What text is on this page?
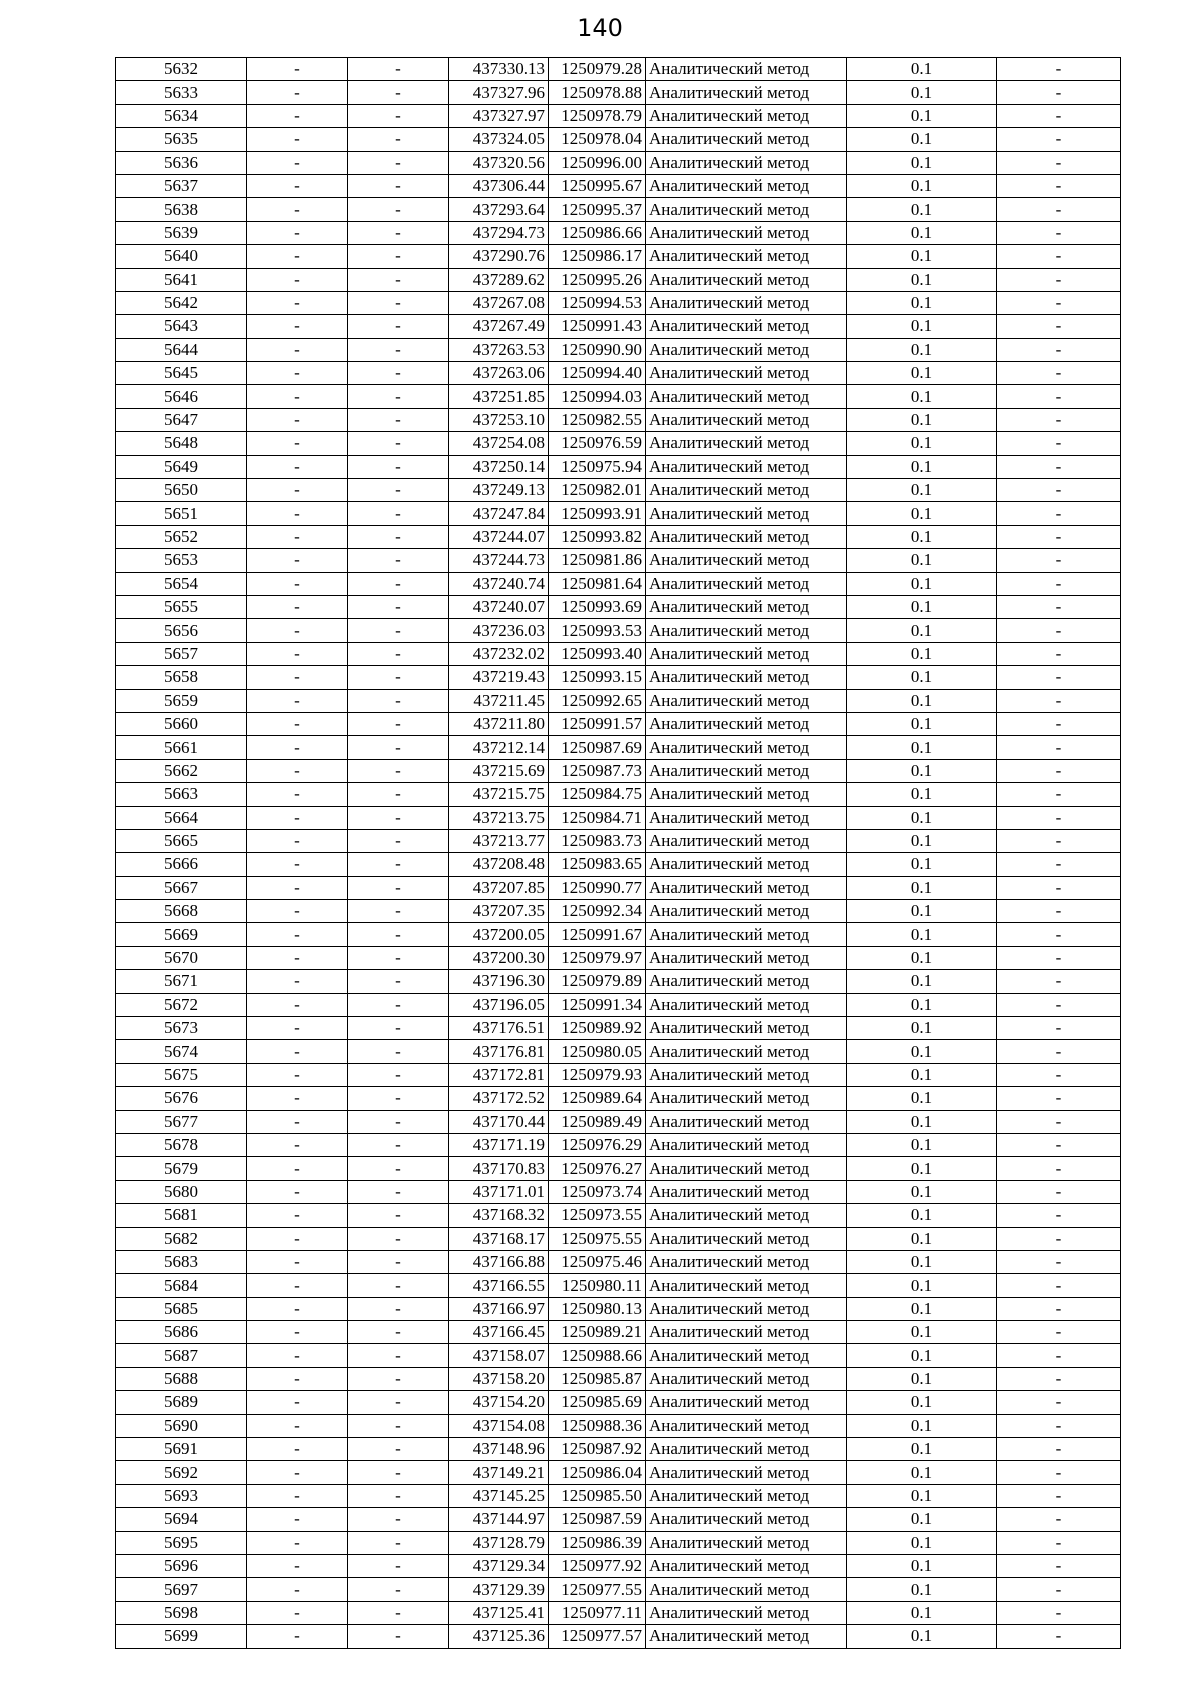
140
5632	-	-	437330.13	1250979.28	Аналитический метод	0.1	-
5633	-	-	437327.96	1250978.88	Аналитический метод	0.1	-
5634	-	-	437327.97	1250978.79	Аналитический метод	0.1	-
5635	-	-	437324.05	1250978.04	Аналитический метод	0.1	-
5636	-	-	437320.56	1250996.00	Аналитический метод	0.1	-
5637	-	-	437306.44	1250995.67	Аналитический метод	0.1	-
5638	-	-	437293.64	1250995.37	Аналитический метод	0.1	-
5639	-	-	437294.73	1250986.66	Аналитический метод	0.1	-
5640	-	-	437290.76	1250986.17	Аналитический метод	0.1	-
5641	-	-	437289.62	1250995.26	Аналитический метод	0.1	-
5642	-	-	437267.08	1250994.53	Аналитический метод	0.1	-
5643	-	-	437267.49	1250991.43	Аналитический метод	0.1	-
5644	-	-	437263.53	1250990.90	Аналитический метод	0.1	-
5645	-	-	437263.06	1250994.40	Аналитический метод	0.1	-
5646	-	-	437251.85	1250994.03	Аналитический метод	0.1	-
5647	-	-	437253.10	1250982.55	Аналитический метод	0.1	-
5648	-	-	437254.08	1250976.59	Аналитический метод	0.1	-
5649	-	-	437250.14	1250975.94	Аналитический метод	0.1	-
5650	-	-	437249.13	1250982.01	Аналитический метод	0.1	-
5651	-	-	437247.84	1250993.91	Аналитический метод	0.1	-
5652	-	-	437244.07	1250993.82	Аналитический метод	0.1	-
5653	-	-	437244.73	1250981.86	Аналитический метод	0.1	-
5654	-	-	437240.74	1250981.64	Аналитический метод	0.1	-
5655	-	-	437240.07	1250993.69	Аналитический метод	0.1	-
5656	-	-	437236.03	1250993.53	Аналитический метод	0.1	-
5657	-	-	437232.02	1250993.40	Аналитический метод	0.1	-
5658	-	-	437219.43	1250993.15	Аналитический метод	0.1	-
5659	-	-	437211.45	1250992.65	Аналитический метод	0.1	-
5660	-	-	437211.80	1250991.57	Аналитический метод	0.1	-
5661	-	-	437212.14	1250987.69	Аналитический метод	0.1	-
5662	-	-	437215.69	1250987.73	Аналитический метод	0.1	-
5663	-	-	437215.75	1250984.75	Аналитический метод	0.1	-
5664	-	-	437213.75	1250984.71	Аналитический метод	0.1	-
5665	-	-	437213.77	1250983.73	Аналитический метод	0.1	-
5666	-	-	437208.48	1250983.65	Аналитический метод	0.1	-
5667	-	-	437207.85	1250990.77	Аналитический метод	0.1	-
5668	-	-	437207.35	1250992.34	Аналитический метод	0.1	-
5669	-	-	437200.05	1250991.67	Аналитический метод	0.1	-
5670	-	-	437200.30	1250979.97	Аналитический метод	0.1	-
5671	-	-	437196.30	1250979.89	Аналитический метод	0.1	-
5672	-	-	437196.05	1250991.34	Аналитический метод	0.1	-
5673	-	-	437176.51	1250989.92	Аналитический метод	0.1	-
5674	-	-	437176.81	1250980.05	Аналитический метод	0.1	-
5675	-	-	437172.81	1250979.93	Аналитический метод	0.1	-
5676	-	-	437172.52	1250989.64	Аналитический метод	0.1	-
5677	-	-	437170.44	1250989.49	Аналитический метод	0.1	-
5678	-	-	437171.19	1250976.29	Аналитический метод	0.1	-
5679	-	-	437170.83	1250976.27	Аналитический метод	0.1	-
5680	-	-	437171.01	1250973.74	Аналитический метод	0.1	-
5681	-	-	437168.32	1250973.55	Аналитический метод	0.1	-
5682	-	-	437168.17	1250975.55	Аналитический метод	0.1	-
5683	-	-	437166.88	1250975.46	Аналитический метод	0.1	-
5684	-	-	437166.55	1250980.11	Аналитический метод	0.1	-
5685	-	-	437166.97	1250980.13	Аналитический метод	0.1	-
5686	-	-	437166.45	1250989.21	Аналитический метод	0.1	-
5687	-	-	437158.07	1250988.66	Аналитический метод	0.1	-
5688	-	-	437158.20	1250985.87	Аналитический метод	0.1	-
5689	-	-	437154.20	1250985.69	Аналитический метод	0.1	-
5690	-	-	437154.08	1250988.36	Аналитический метод	0.1	-
5691	-	-	437148.96	1250987.92	Аналитический метод	0.1	-
5692	-	-	437149.21	1250986.04	Аналитический метод	0.1	-
5693	-	-	437145.25	1250985.50	Аналитический метод	0.1	-
5694	-	-	437144.97	1250987.59	Аналитический метод	0.1	-
5695	-	-	437128.79	1250986.39	Аналитический метод	0.1	-
5696	-	-	437129.34	1250977.92	Аналитический метод	0.1	-
5697	-	-	437129.39	1250977.55	Аналитический метод	0.1	-
5698	-	-	437125.41	1250977.11	Аналитический метод	0.1	-
5699	-	-	437125.36	1250977.57	Аналитический метод	0.1	-
